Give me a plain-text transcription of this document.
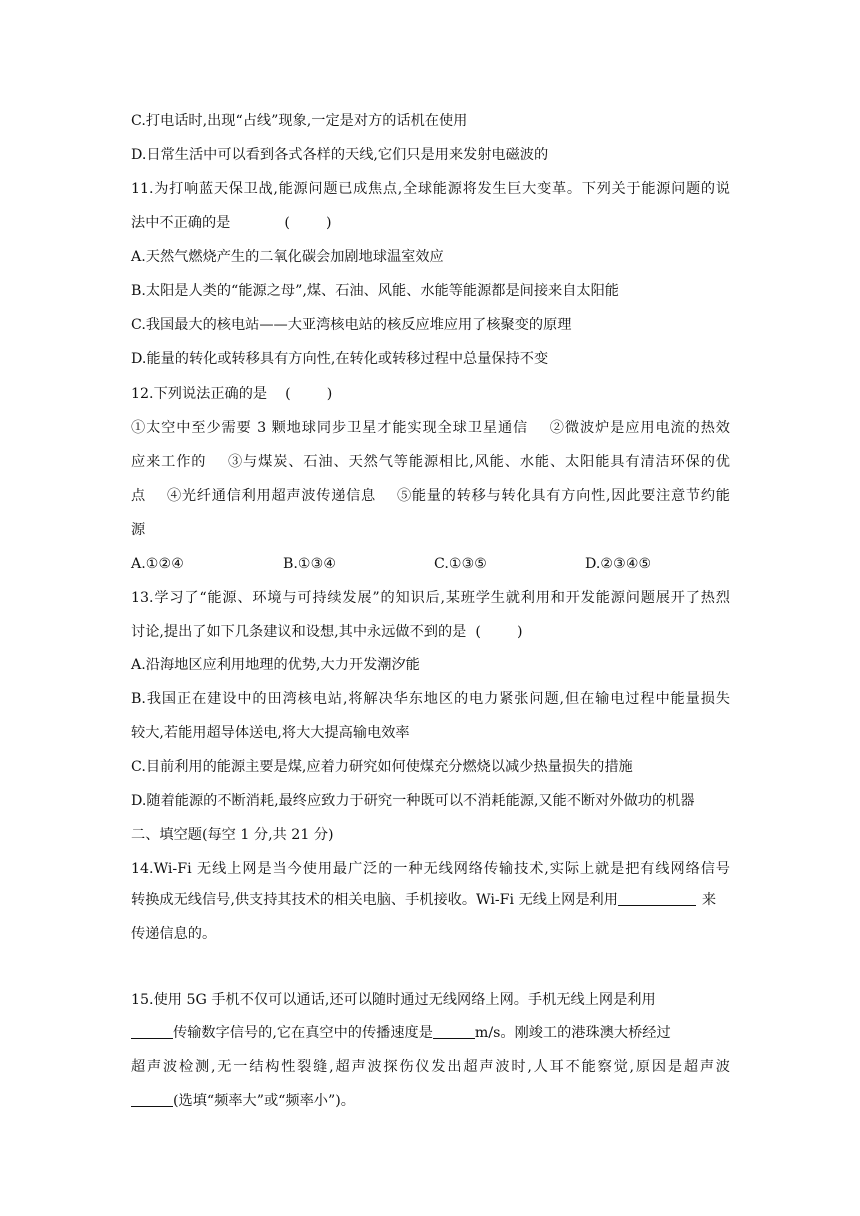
C.打电话时,出现“占线”现象,一定是对方的话机在使用
D.日常生活中可以看到各式各样的天线,它们只是用来发射电磁波的
11.为打响蓝天保卫战,能源问题已成焦点,全球能源将发生巨大变革。下列关于能源问题的说
法中不正确的是            (        )
A.天然气燃烧产生的二氧化碳会加剧地球温室效应
B.太阳是人类的“能源之母”,煤、石油、风能、水能等能源都是间接来自太阳能
C.我国最大的核电站——大亚湾核电站的核反应堆应用了核聚变的原理
D.能量的转化或转移具有方向性,在转化或转移过程中总量保持不变
12.下列说法正确的是    (        )
①太空中至少需要 3 颗地球同步卫星才能实现全球卫星通信    ②微波炉是应用电流的热效
应来工作的    ③与煤炭、石油、天然气等能源相比,风能、水能、太阳能具有清洁环保的优
点    ④光纤通信利用超声波传递信息    ⑤能量的转移与转化具有方向性,因此要注意节约能
源
A.①②④	B.①③④	C.①③⑤	D.②③④⑤
13.学习了“能源、环境与可持续发展”的知识后,某班学生就利用和开发能源问题展开了热烈
讨论,提出了如下几条建议和设想,其中永远做不到的是  (        )
A.沿海地区应利用地理的优势,大力开发潮汐能
B.我国正在建设中的田湾核电站,将解决华东地区的电力紧张问题,但在输电过程中能量损失
较大,若能用超导体送电,将大大提高输电效率
C.目前利用的能源主要是煤,应着力研究如何使煤充分燃烧以减少热量损失的措施
D.随着能源的不断消耗,最终应致力于研究一种既可以不消耗能源,又能不断对外做功的机器
二、填空题(每空 1 分,共 21 分)
14.Wi-Fi 无线上网是当今使用最广泛的一种无线网络传输技术,实际上就是把有线网络信号
转换成无线信号,供支持其技术的相关电脑、手机接收。Wi-Fi 无线上网是利用	来
传递信息的。
15.使用 5G 手机不仅可以通话,还可以随时通过无线网络上网。手机无线上网是利用
传输数字信号的,它在真空中的传播速度是	m/s。刚竣工的港珠澳大桥经过
超声波检测,无一结构性裂缝,超声波探伤仪发出超声波时,人耳不能察觉,原因是超声波
(选填“频率大”或“频率小”)。
